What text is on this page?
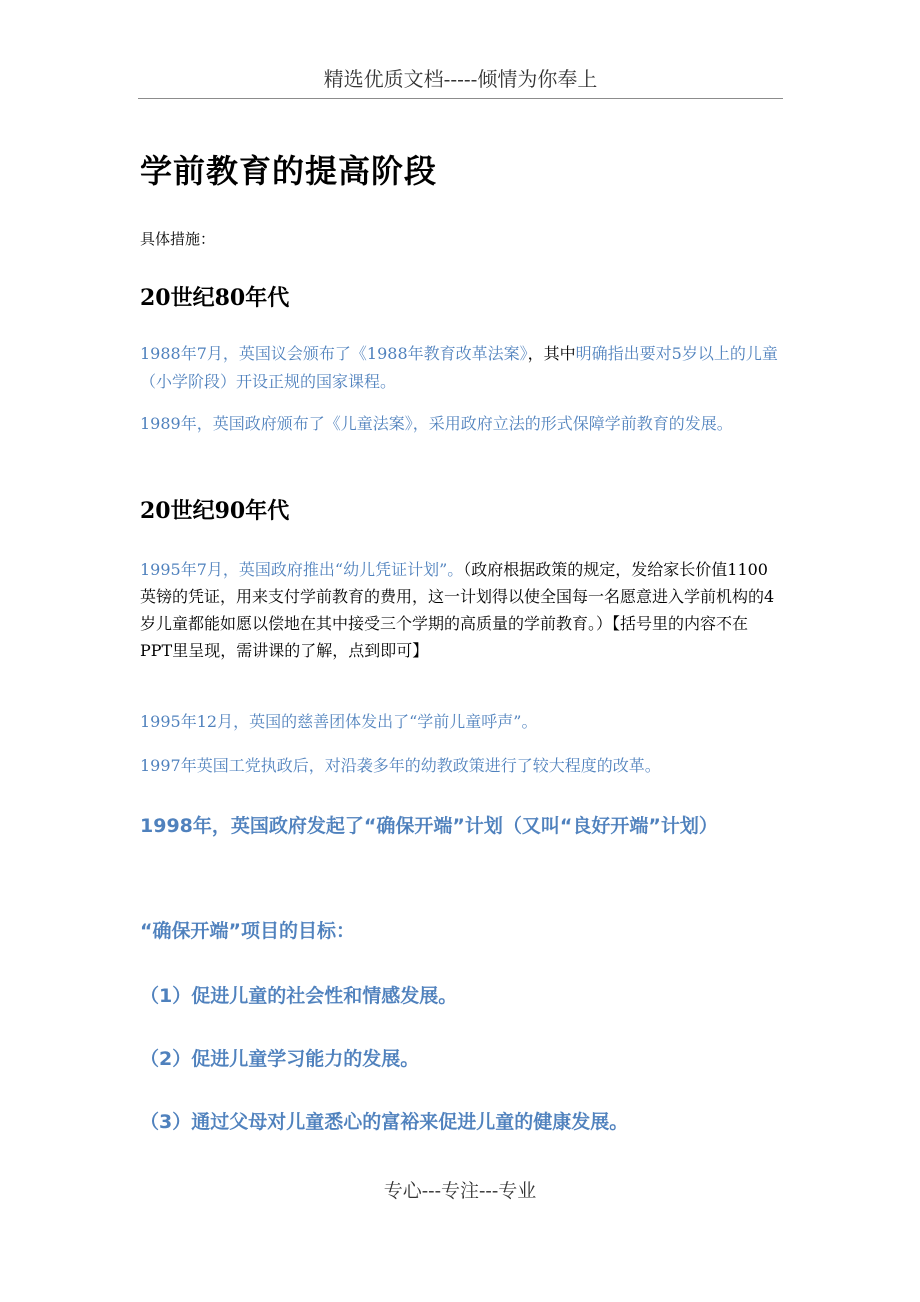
精选优质文档-----倾情为你奉上
学前教育的提高阶段
具体措施：
20世纪80年代

1988年7月，英国议会颁布了《1988年教育改革法案》，其中明确指出要对5岁以上的儿童（小学阶段）开设正规的国家课程。

1989年，英国政府颁布了《儿童法案》，采用政府立法的形式保障学前教育的发展。

20世纪90年代

1995年7月，英国政府推出“幼儿凭证计划”。（政府根据政策的规定，发给家长价值1100英镑的凭证，用来支付学前教育的费用，这一计划得以使全国每一名愿意进入学前机构的4岁儿童都能如愿以偿地在其中接受三个学期的高质量的学前教育。）【括号里的内容不在PPT里呈现，需讲课的了解，点到即可】

1995年12月，英国的慈善团体发出了“学前儿童呼声”。

1997年英国工党执政后，对沿袭多年的幼教政策进行了较大程度的改革。

1998年，英国政府发起了“确保开端”计划（又叫“良好开端”计划）

“确保开端”项目的目标：

（1）促进儿童的社会性和情感发展。

（2）促进儿童学习能力的发展。

（3）通过父母对儿童悉心的富裕来促进儿童的健康发展。

专心---专注---专业
